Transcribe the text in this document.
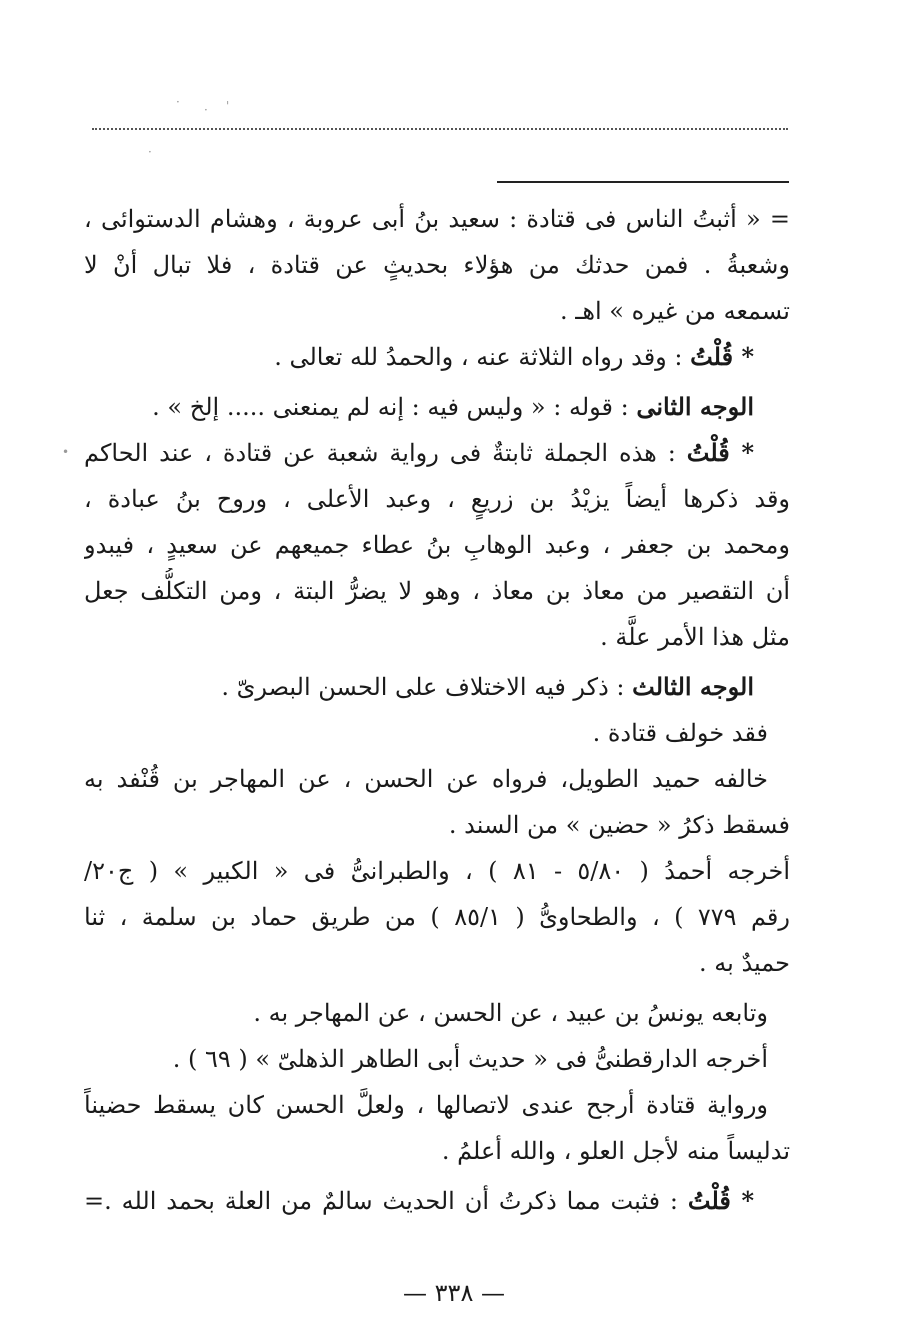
·
· '
·
•
= « أثبتُ الناس فى قتادة : سعيد بنُ أبى عروبة ، وهشام الدستوائى ،
وشعبةُ . فمن حدثك من هؤلاء بحديثٍ عن قتادة ، فلا تبال أنْ لا
تسمعه من غيره » اهـ .
* قُلْتُ : وقد رواه الثلاثة عنه ، والحمدُ لله تعالى .
الوجه الثانى : قوله : « وليس فيه : إنه لم يمنعنى ..... إلخ » .
* قُلْتُ : هذه الجملة ثابتةٌ فى رواية شعبة عن قتادة ، عند الحاكم
وقد ذكرها أيضاً يزيْدُ بن زريعٍ ، وعبد الأعلى ، وروح بنُ عبادة ،
ومحمد بن جعفر ، وعبد الوهابِ بنُ عطاء جميعهم عن سعيدٍ ، فيبدو
أن التقصير من معاذ بن معاذ ، وهو لا يضرُّ البتة ، ومن التكلُّف جعل
مثل هذا الأمر علَّة .
الوجه الثالث : ذكر فيه الاختلاف على الحسن البصرىّ .
فقد خولف قتادة .
خالفه حميد الطويل، فرواه عن الحسن ، عن المهاجر بن قُنْفد به
فسقط ذكرُ « حضين » من السند .
أخرجه أحمدُ ( ٥/٨٠ - ٨١ ) ، والطبرانىُّ فى « الكبير » ( ج٢٠/
رقم ٧٧٩ ) ، والطحاوىُّ ( ٨٥/١ ) من طريق حماد بن سلمة ، ثنا
حميدٌ به .
وتابعه يونسُ بن عبيد ، عن الحسن ، عن المهاجر به .
أخرجه الدارقطنىُّ فى « حديث أبى الطاهر الذهلىّ » ( ٦٩ ) .
ورواية قتادة أرجح عندى لاتصالها ، ولعلَّ الحسن كان يسقط حضيناً
تدليساً منه لأجل العلو ، والله أعلمُ .
* قُلْتُ : فثبت مما ذكرتُ أن الحديث سالمٌ من العلة بحمد الله .=
— ٣٣٨ —
